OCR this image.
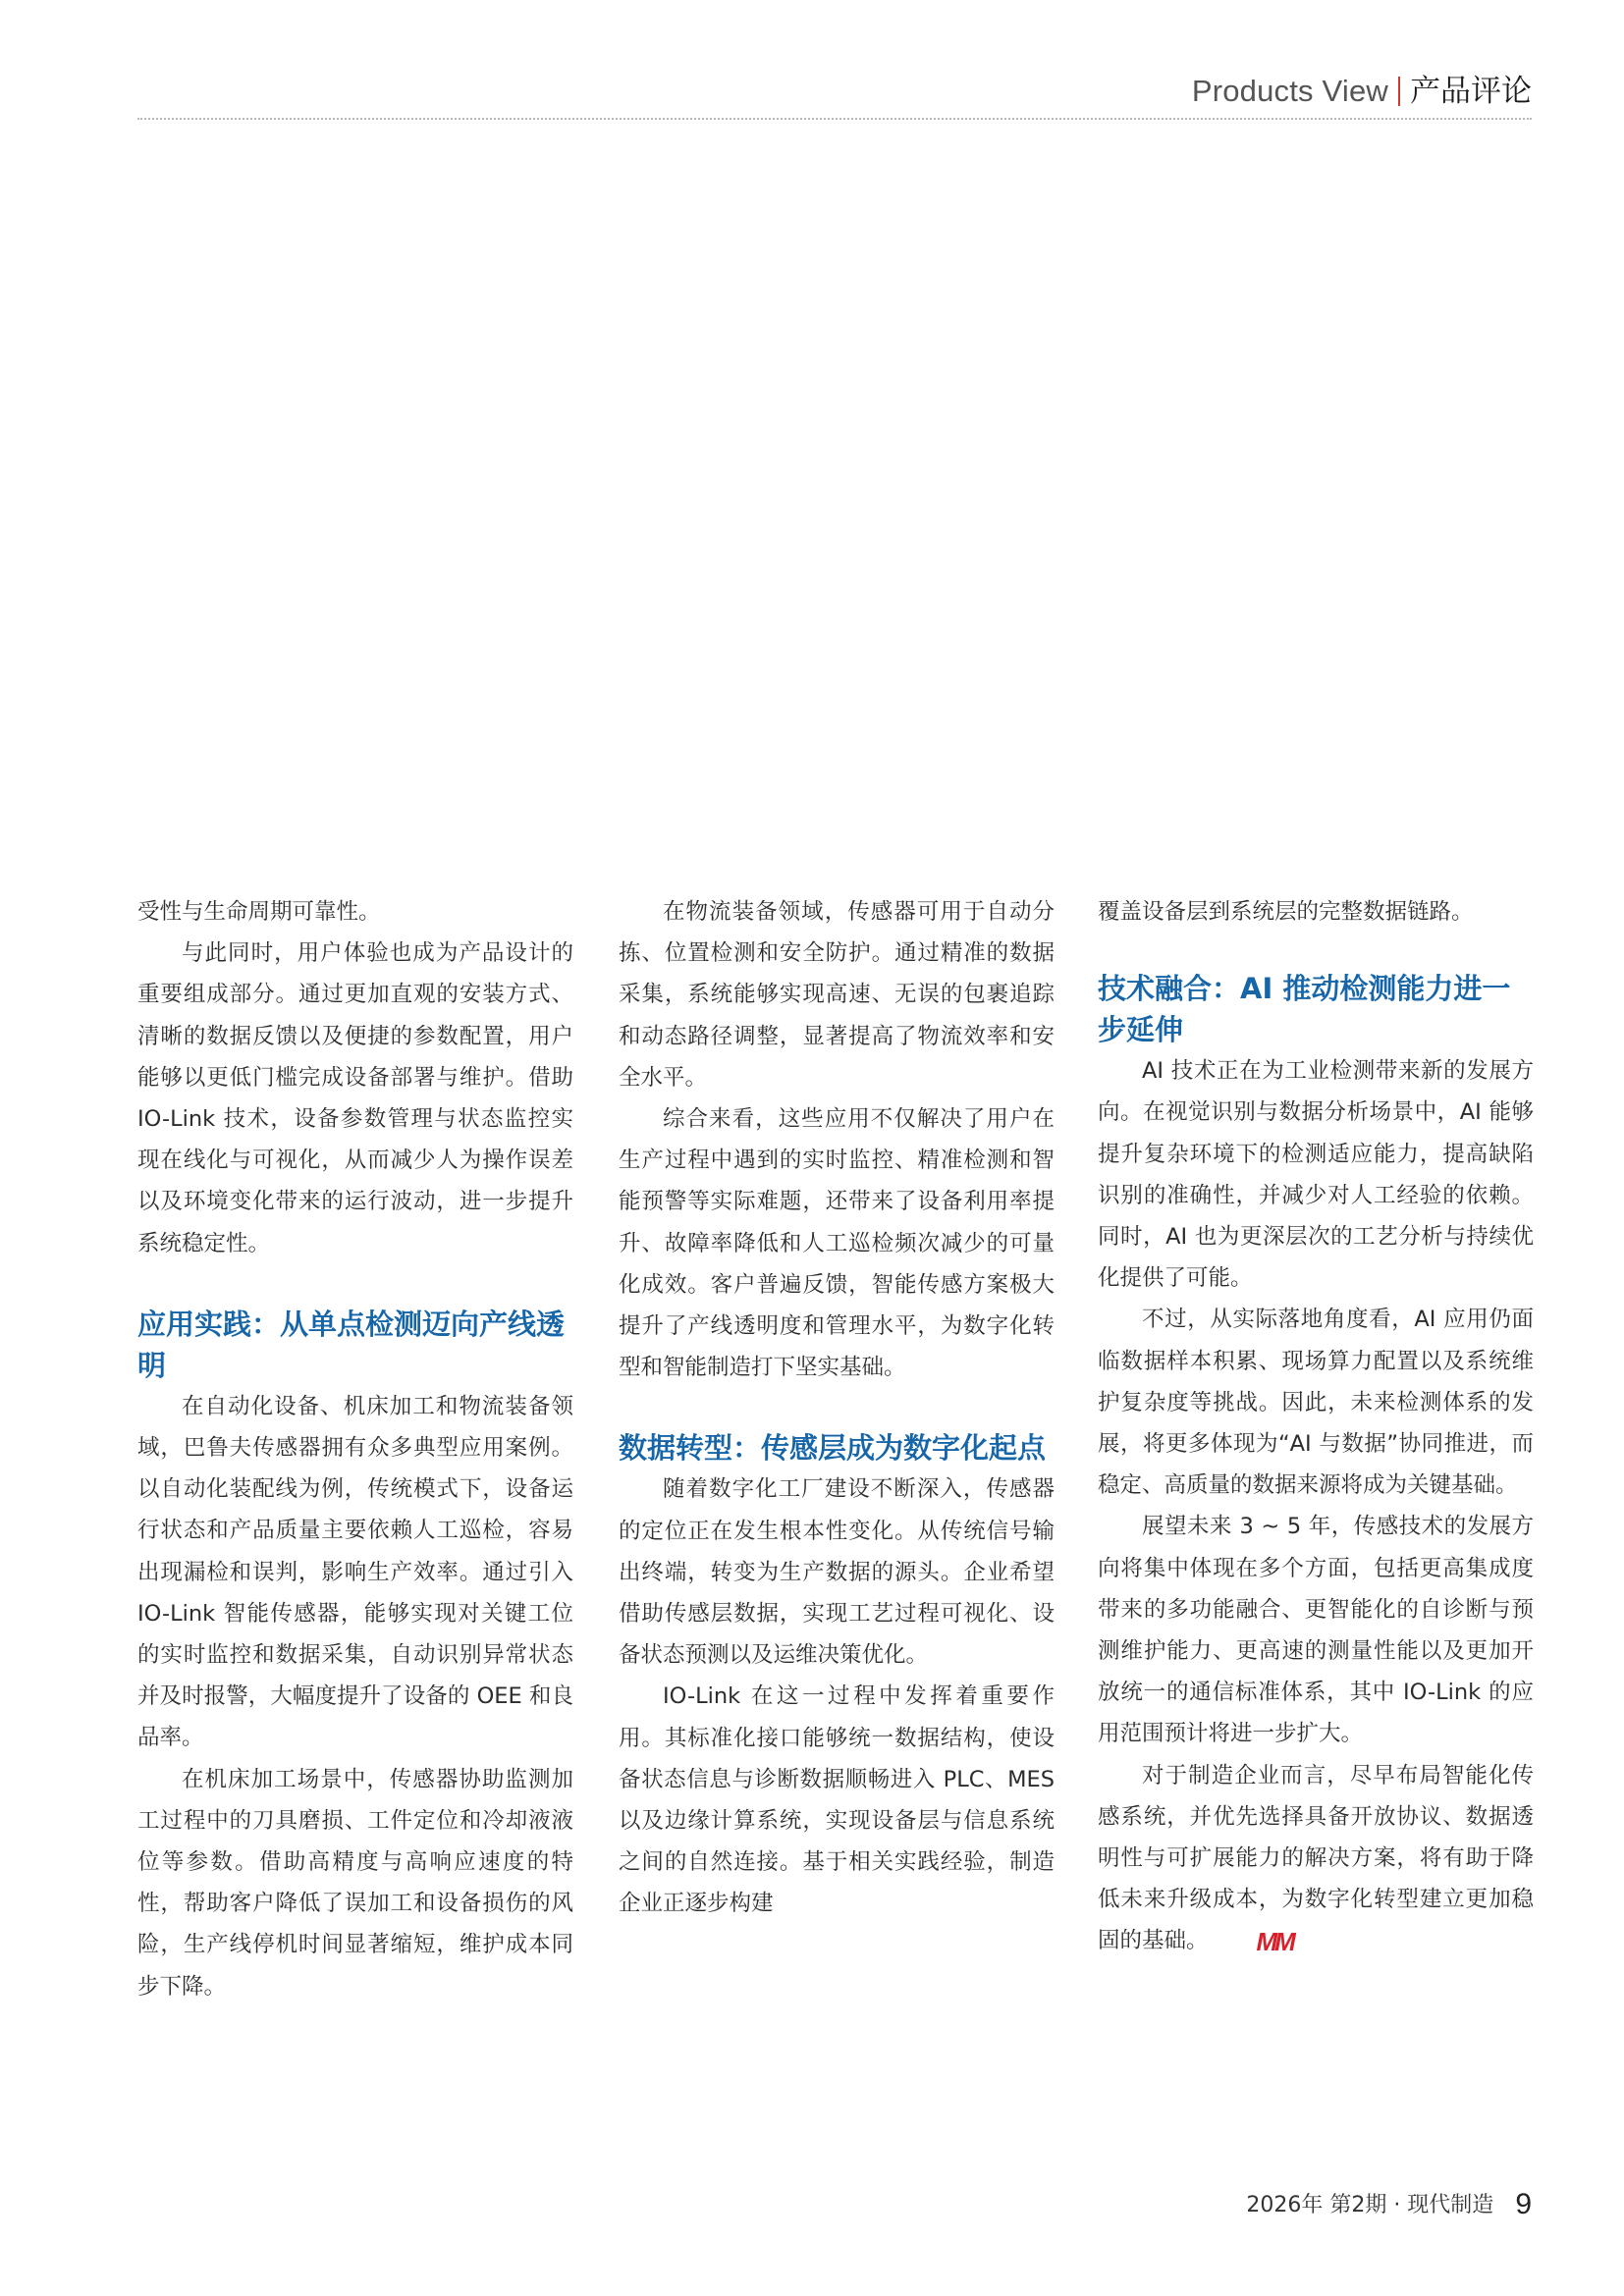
Products View 产品评论

受性与生命周期可靠性。

与此同时，用户体验也成为产品设计的重要组成部分。通过更加直观的安装方式、清晰的数据反馈以及便捷的参数配置，用户能够以更低门槛完成设备部署与维护。借助 IO-Link 技术，设备参数管理与状态监控实现在线化与可视化，从而减少人为操作误差以及环境变化带来的运行波动，进一步提升系统稳定性。

应用实践：从单点检测迈向产线透明

在自动化设备、机床加工和物流装备领域，巴鲁夫传感器拥有众多典型应用案例。以自动化装配线为例，传统模式下，设备运行状态和产品质量主要依赖人工巡检，容易出现漏检和误判，影响生产效率。通过引入 IO-Link 智能传感器，能够实现对关键工位的实时监控和数据采集，自动识别异常状态并及时报警，大幅度提升了设备的 OEE 和良品率。

在机床加工场景中，传感器协助监测加工过程中的刀具磨损、工件定位和冷却液液位等参数。借助高精度与高响应速度的特性，帮助客户降低了误加工和设备损伤的风险，生产线停机时间显著缩短，维护成本同步下降。

在物流装备领域，传感器可用于自动分拣、位置检测和安全防护。通过精准的数据采集，系统能够实现高速、无误的包裹追踪和动态路径调整，显著提高了物流效率和安全水平。

综合来看，这些应用不仅解决了用户在生产过程中遇到的实时监控、精准检测和智能预警等实际难题，还带来了设备利用率提升、故障率降低和人工巡检频次减少的可量化成效。客户普遍反馈，智能传感方案极大提升了产线透明度和管理水平，为数字化转型和智能制造打下坚实基础。

数据转型：传感层成为数字化起点

随着数字化工厂建设不断深入，传感器的定位正在发生根本性变化。从传统信号输出终端，转变为生产数据的源头。企业希望借助传感层数据，实现工艺过程可视化、设备状态预测以及运维决策优化。

IO-Link 在这一过程中发挥着重要作用。其标准化接口能够统一数据结构，使设备状态信息与诊断数据顺畅进入 PLC、MES 以及边缘计算系统，实现设备层与信息系统之间的自然连接。基于相关实践经验，制造企业正逐步构建

覆盖设备层到系统层的完整数据链路。

技术融合：AI 推动检测能力进一步延伸

AI 技术正在为工业检测带来新的发展方向。在视觉识别与数据分析场景中，AI 能够提升复杂环境下的检测适应能力，提高缺陷识别的准确性，并减少对人工经验的依赖。同时，AI 也为更深层次的工艺分析与持续优化提供了可能。

不过，从实际落地角度看，AI 应用仍面临数据样本积累、现场算力配置以及系统维护复杂度等挑战。因此，未来检测体系的发展，将更多体现为“AI 与数据”协同推进，而稳定、高质量的数据来源将成为关键基础。

展望未来 3 ~ 5 年，传感技术的发展方向将集中体现在多个方面，包括更高集成度带来的多功能融合、更智能化的自诊断与预测维护能力、更高速的测量性能以及更加开放统一的通信标准体系，其中 IO-Link 的应用范围预计将进一步扩大。

对于制造企业而言，尽早布局智能化传感系统，并优先选择具备开放协议、数据透明性与可扩展能力的解决方案，将有助于降低未来升级成本，为数字化转型建立更加稳固的基础。 MM

2026年 第2期 · 现代制造 9
